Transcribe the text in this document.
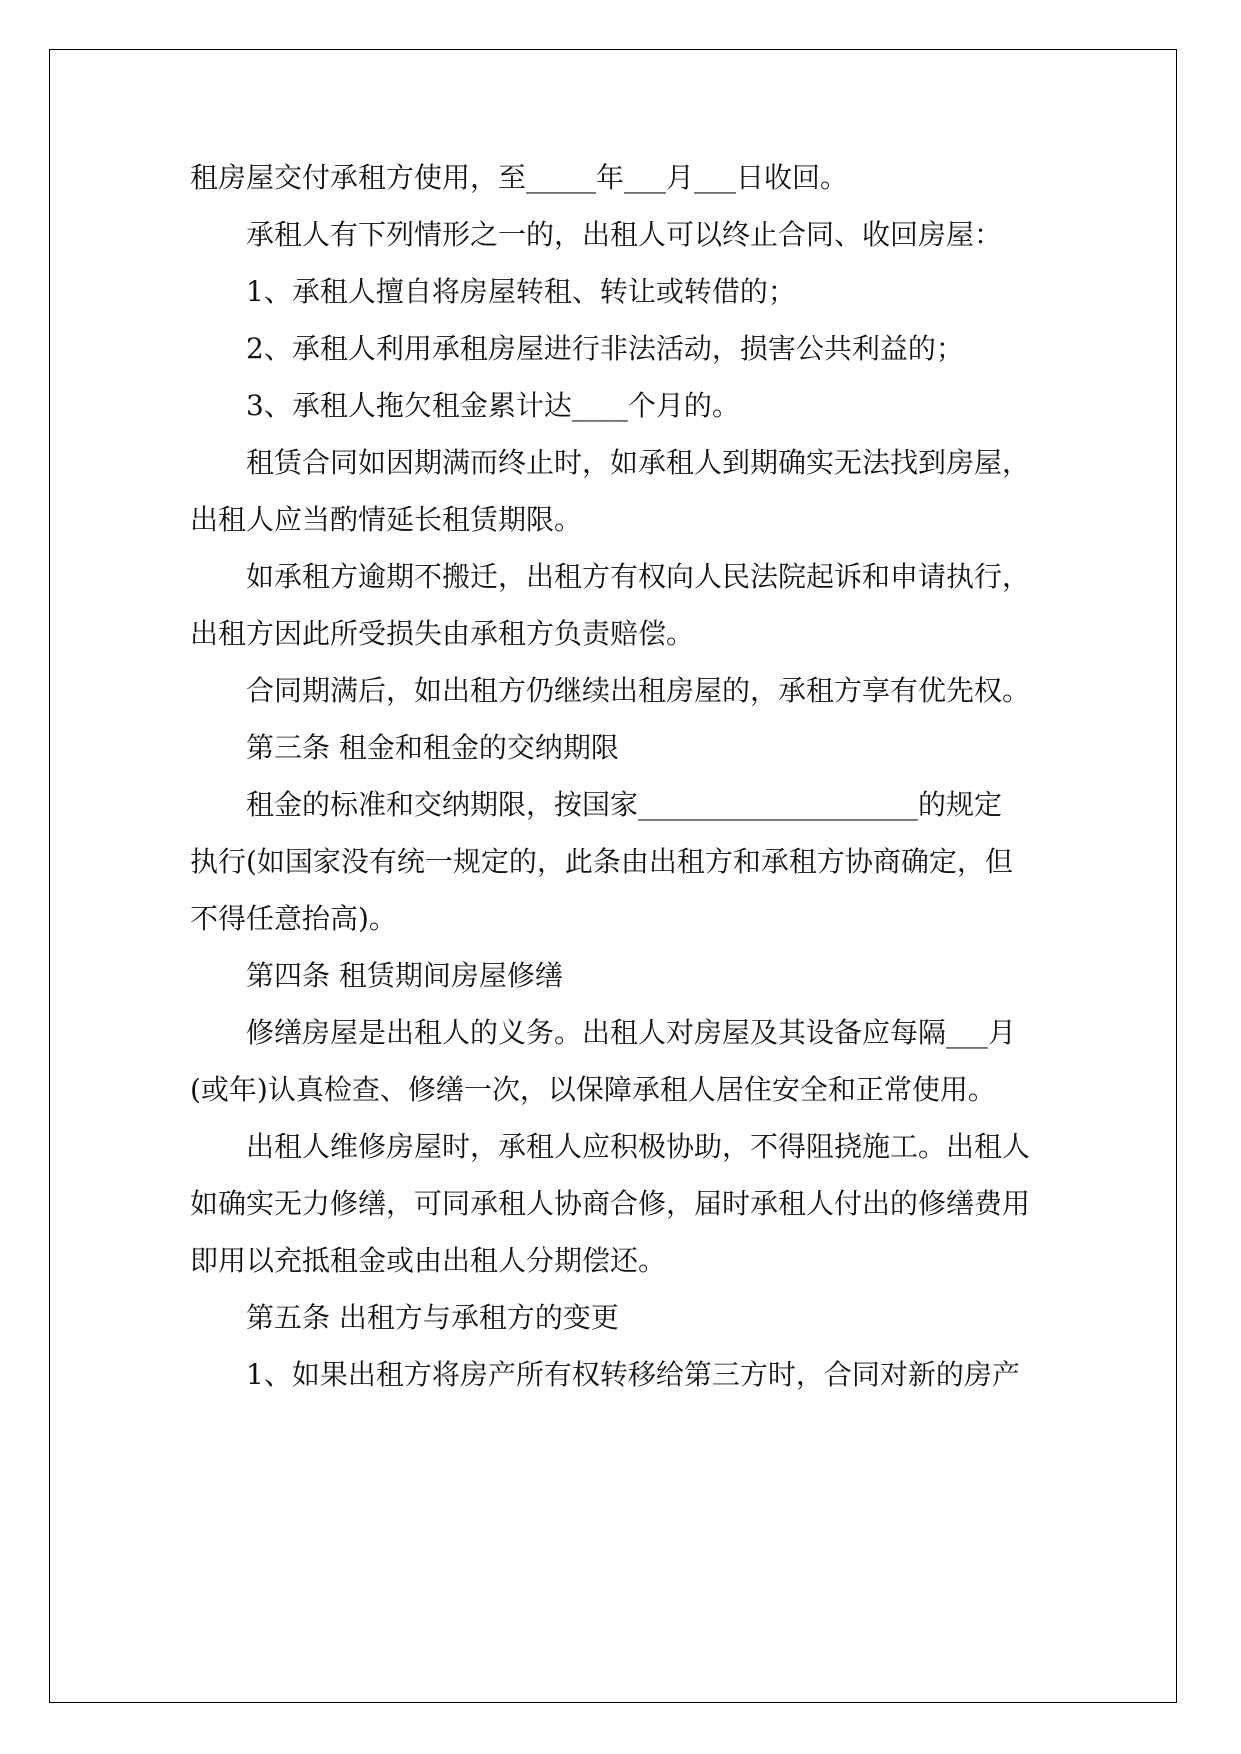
租房屋交付承租方使用，至_____年___月___日收回。
承租人有下列情形之一的，出租人可以终止合同、收回房屋：
1、承租人擅自将房屋转租、转让或转借的；
2、承租人利用承租房屋进行非法活动，损害公共利益的；
3、承租人拖欠租金累计达____个月的。
租赁合同如因期满而终止时，如承租人到期确实无法找到房屋，
出租人应当酌情延长租赁期限。
如承租方逾期不搬迁，出租方有权向人民法院起诉和申请执行，
出租方因此所受损失由承租方负责赔偿。
合同期满后，如出租方仍继续出租房屋的，承租方享有优先权。
第三条 租金和租金的交纳期限
租金的标准和交纳期限，按国家____________________的规定
执行(如国家没有统一规定的，此条由出租方和承租方协商确定，但
不得任意抬高)。
第四条 租赁期间房屋修缮
修缮房屋是出租人的义务。出租人对房屋及其设备应每隔___月
(或年)认真检查、修缮一次，以保障承租人居住安全和正常使用。
出租人维修房屋时，承租人应积极协助，不得阻挠施工。出租人
如确实无力修缮，可同承租人协商合修，届时承租人付出的修缮费用
即用以充抵租金或由出租人分期偿还。
第五条 出租方与承租方的变更
1、如果出租方将房产所有权转移给第三方时，合同对新的房产
